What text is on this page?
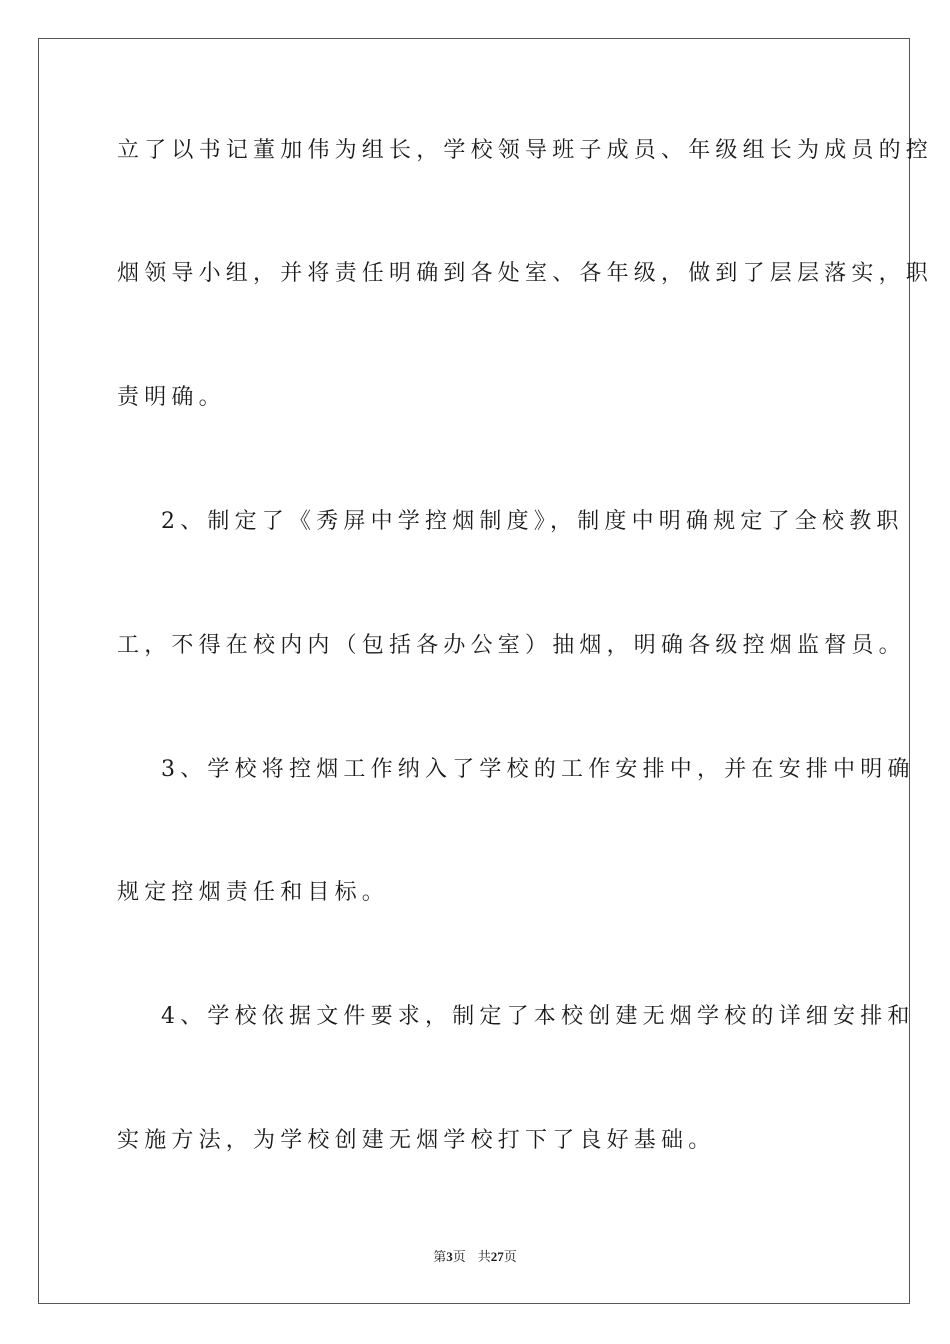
立了以书记董加伟为组长，学校领导班子成员、年级组长为成员的控
烟领导小组，并将责任明确到各处室、各年级，做到了层层落实，职
责明确。
2、制定了《秀屏中学控烟制度》，制度中明确规定了全校教职
工，不得在校内内（包括各办公室）抽烟，明确各级控烟监督员。
3、学校将控烟工作纳入了学校的工作安排中，并在安排中明确
规定控烟责任和目标。
4、学校依据文件要求，制定了本校创建无烟学校的详细安排和
实施方法，为学校创建无烟学校打下了良好基础。
第3页 共27页
